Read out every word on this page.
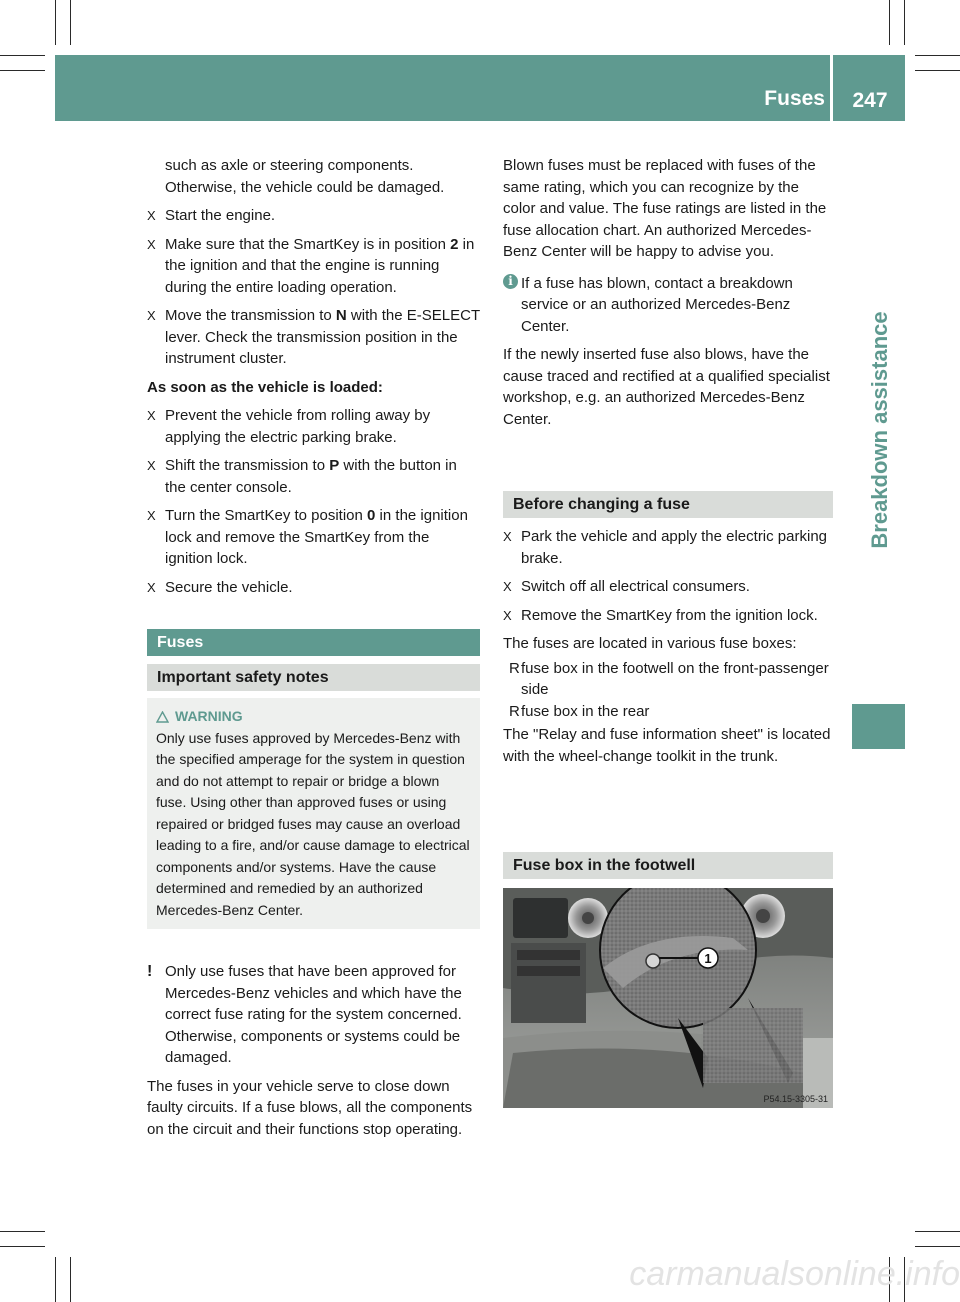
Fuses	247
Breakdown assistance

such as axle or steering components. Otherwise, the vehicle could be damaged.

X Start the engine.
X Make sure that the SmartKey is in position 2 in the ignition and that the engine is running during the entire loading operation.
X Move the transmission to N with the E-SELECT lever. Check the transmission position in the instrument cluster.

As soon as the vehicle is loaded:

X Prevent the vehicle from rolling away by applying the electric parking brake.
X Shift the transmission to P with the button in the center console.
X Turn the SmartKey to position 0 in the ignition lock and remove the SmartKey from the ignition lock.
X Secure the vehicle.
Fuses
Important safety notes
WARNING
Only use fuses approved by Mercedes-Benz with the specified amperage for the system in question and do not attempt to repair or bridge a blown fuse. Using other than approved fuses or using repaired or bridged fuses may cause an overload leading to a fire, and/or cause damage to electrical components and/or systems. Have the cause determined and remedied by an authorized Mercedes-Benz Center.
! Only use fuses that have been approved for Mercedes-Benz vehicles and which have the correct fuse rating for the system concerned. Otherwise, components or systems could be damaged.

The fuses in your vehicle serve to close down faulty circuits. If a fuse blows, all the components on the circuit and their functions stop operating.

Blown fuses must be replaced with fuses of the same rating, which you can recognize by the color and value. The fuse ratings are listed in the fuse allocation chart. An authorized Mercedes-Benz Center will be happy to advise you.

i If a fuse has blown, contact a breakdown service or an authorized Mercedes-Benz Center.

If the newly inserted fuse also blows, have the cause traced and rectified at a qualified specialist workshop, e.g. an authorized Mercedes-Benz Center.

Before changing a fuse
X Park the vehicle and apply the electric parking brake.
X Switch off all electrical consumers.
X Remove the SmartKey from the ignition lock.

The fuses are located in various fuse boxes:

R fuse box in the footwell on the front-passenger side
R fuse box in the rear

The "Relay and fuse information sheet" is located with the wheel-change toolkit in the trunk.

Fuse box in the footwell
1
P54.15-3305-31
carmanualsonline.info
